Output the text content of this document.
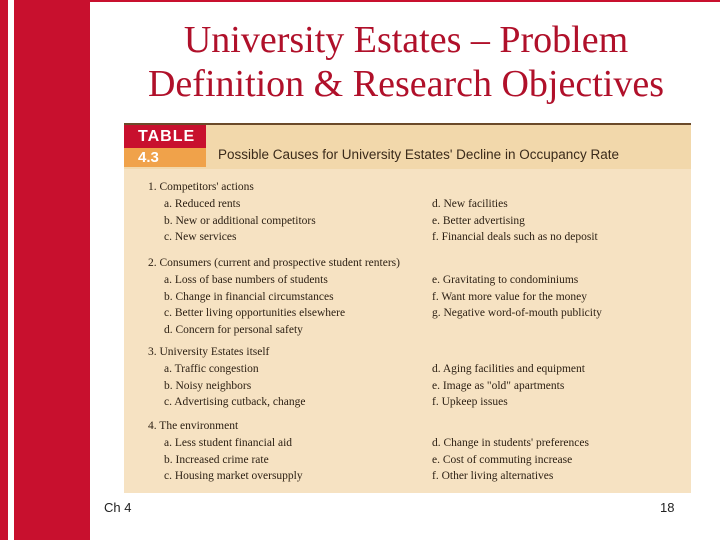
University Estates – Problem
Definition & Research Objectives
TABLE
4.3	Possible Causes for University Estates' Decline in Occupancy Rate
1. Competitors' actions
a. Reduced rents	d. New facilities
b. New or additional competitors	e. Better advertising
c. New services	f. Financial deals such as no deposit
2. Consumers (current and prospective student renters)
a. Loss of base numbers of students	e. Gravitating to condominiums
b. Change in financial circumstances	f. Want more value for the money
c. Better living opportunities elsewhere	g. Negative word-of-mouth publicity
d. Concern for personal safety
3. University Estates itself
a. Traffic congestion	d. Aging facilities and equipment
b. Noisy neighbors	e. Image as "old" apartments
c. Advertising cutback, change	f. Upkeep issues
4. The environment
a. Less student financial aid	d. Change in students' preferences
b. Increased crime rate	e. Cost of commuting increase
c. Housing market oversupply	f. Other living alternatives
Ch 4	18
